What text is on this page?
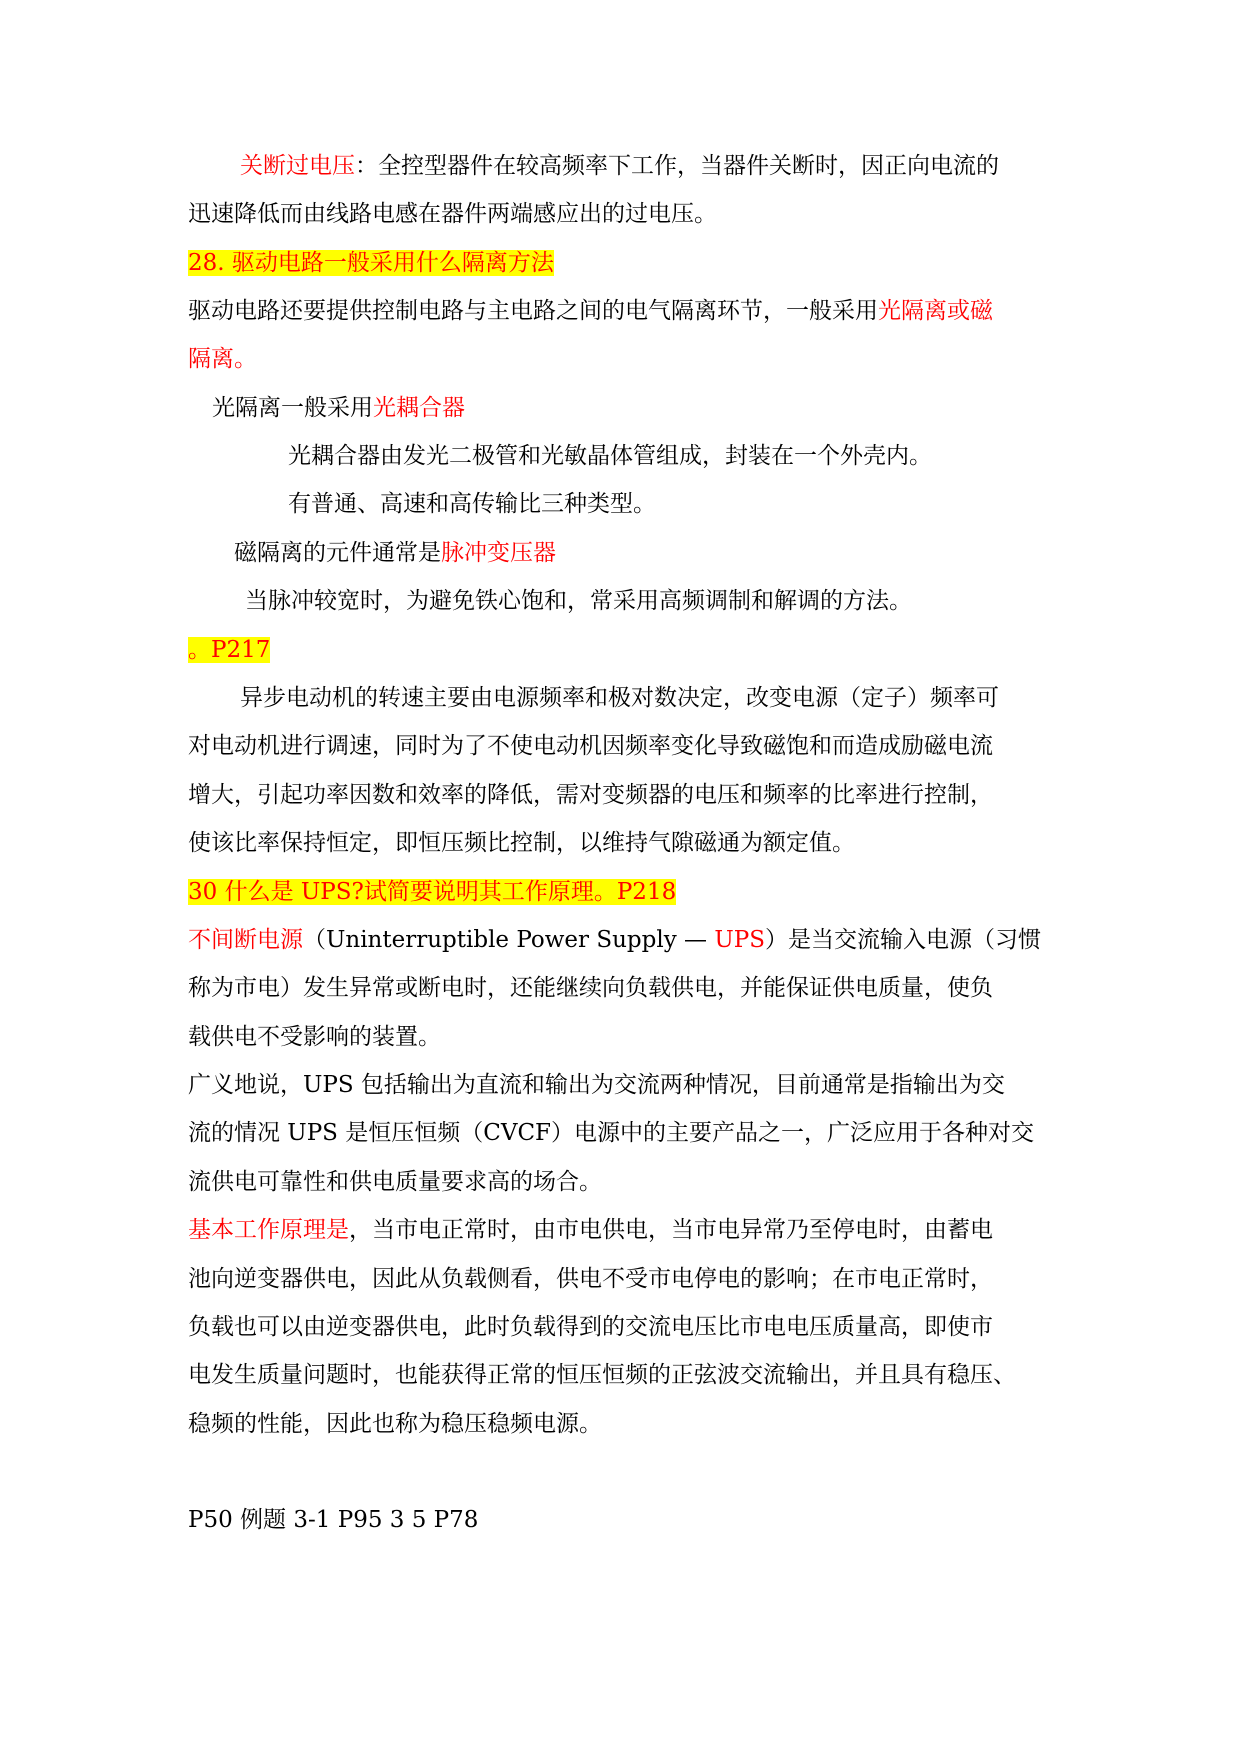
关断过电压：全控型器件在较高频率下工作，当器件关断时，因正向电流的
迅速降低而由线路电感在器件两端感应出的过电压。
28. 驱动电路一般采用什么隔离方法
驱动电路还要提供控制电路与主电路之间的电气隔离环节，一般采用光隔离或磁
隔离。
光隔离一般采用光耦合器
光耦合器由发光二极管和光敏晶体管组成，封装在一个外壳内。
有普通、高速和高传输比三种类型。
磁隔离的元件通常是脉冲变压器
当脉冲较宽时，为避免铁心饱和，常采用高频调制和解调的方法。
。P217
异步电动机的转速主要由电源频率和极对数决定，改变电源（定子）频率可
对电动机进行调速，同时为了不使电动机因频率变化导致磁饱和而造成励磁电流
增大，引起功率因数和效率的降低，需对变频器的电压和频率的比率进行控制，
使该比率保持恒定，即恒压频比控制，以维持气隙磁通为额定值。
30 什么是 UPS?试简要说明其工作原理。P218
不间断电源（Uninterruptible Power Supply — UPS）是当交流输入电源（习惯
称为市电）发生异常或断电时，还能继续向负载供电，并能保证供电质量，使负
载供电不受影响的装置。
广义地说，UPS 包括输出为直流和输出为交流两种情况，目前通常是指输出为交
流的情况 UPS 是恒压恒频（CVCF）电源中的主要产品之一，广泛应用于各种对交
流供电可靠性和供电质量要求高的场合。
基本工作原理是，当市电正常时，由市电供电，当市电异常乃至停电时，由蓄电
池向逆变器供电，因此从负载侧看，供电不受市电停电的影响；在市电正常时，
负载也可以由逆变器供电，此时负载得到的交流电压比市电电压质量高，即使市
电发生质量问题时，也能获得正常的恒压恒频的正弦波交流输出，并且具有稳压、
稳频的性能，因此也称为稳压稳频电源。
P50 例题 3-1 P95 3 5 P78
